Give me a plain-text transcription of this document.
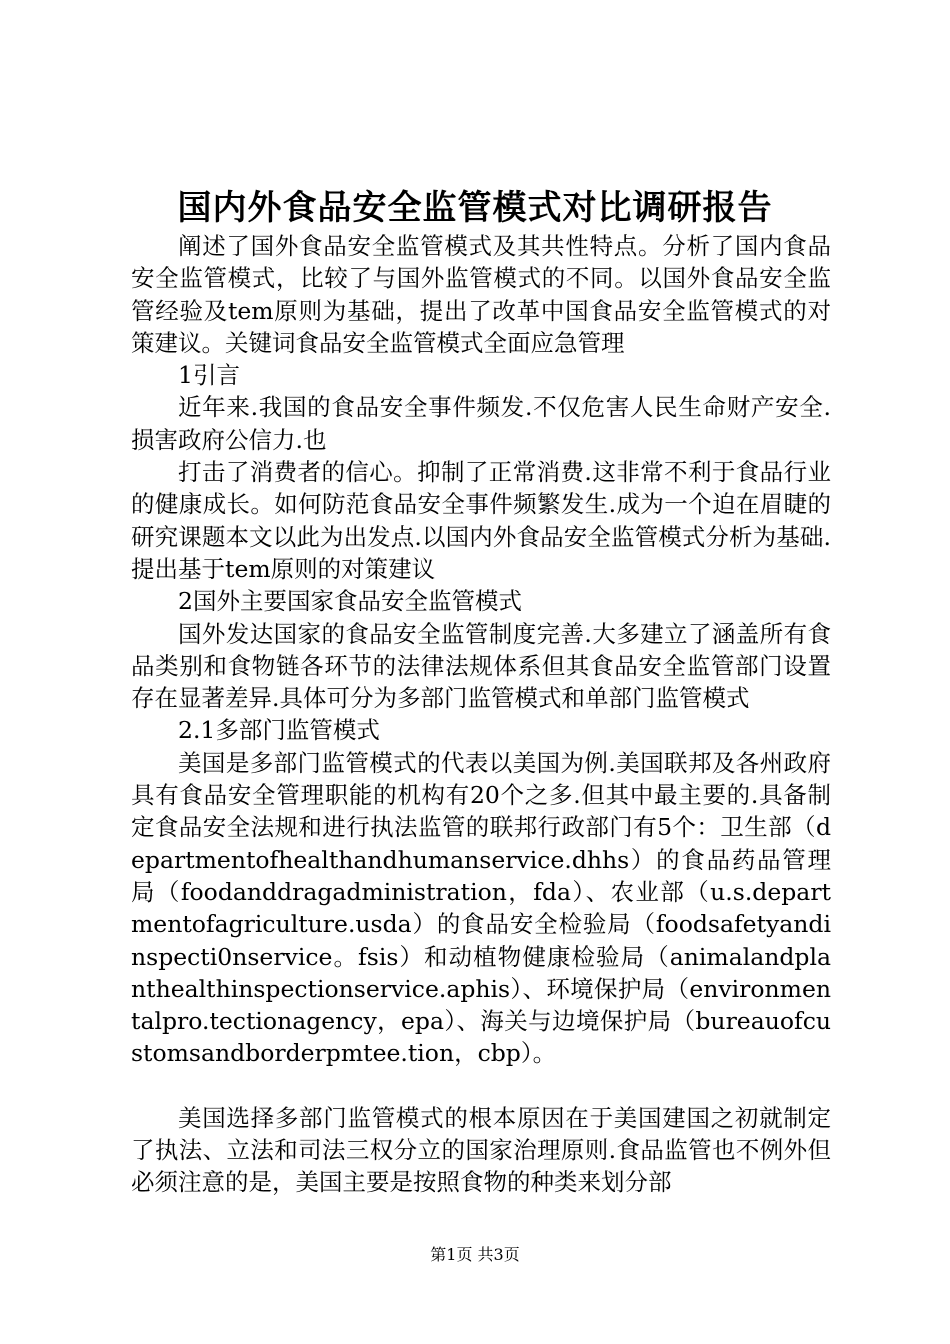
国内外食品安全监管模式对比调研报告

阐述了国外食品安全监管模式及其共性特点。分析了国内食品安全监管模式，比较了与国外监管模式的不同。以国外食品安全监管经验及tem原则为基础，提出了改革中国食品安全监管模式的对策建议。关键词食品安全监管模式全面应急管理

1引言

近年来.我国的食品安全事件频发.不仅危害人民生命财产安全.损害政府公信力.也

打击了消费者的信心。抑制了正常消费.这非常不利于食品行业的健康成长。如何防范食品安全事件频繁发生.成为一个迫在眉睫的研究课题本文以此为出发点.以国内外食品安全监管模式分析为基础.提出基于tem原则的对策建议

2国外主要国家食品安全监管模式

国外发达国家的食品安全监管制度完善.大多建立了涵盖所有食品类别和食物链各环节的法律法规体系但其食品安全监管部门设置存在显著差异.具体可分为多部门监管模式和单部门监管模式

2.1多部门监管模式

美国是多部门监管模式的代表以美国为例.美国联邦及各州政府具有食品安全管理职能的机构有20个之多.但其中最主要的.具备制定食品安全法规和进行执法监管的联邦行政部门有5个：卫生部（departmentofhealthandhumanservice.dhhs）的食品药品管理局（foodanddragadministration，fda）、农业部（u.s.departmentofagriculture.usda）的食品安全检验局（foodsafetyandinspecti0nservice。fsis）和动植物健康检验局（animalandplanthealthinspectionservice.aphis）、环境保护局（environmentalpro.tectionagency，epa）、海关与边境保护局（bureauofcustomsandborderpmtee.tion，cbp）。

美国选择多部门监管模式的根本原因在于美国建国之初就制定了执法、立法和司法三权分立的国家治理原则.食品监管也不例外但必须注意的是，美国主要是按照食物的种类来划分部

第1页 共3页
